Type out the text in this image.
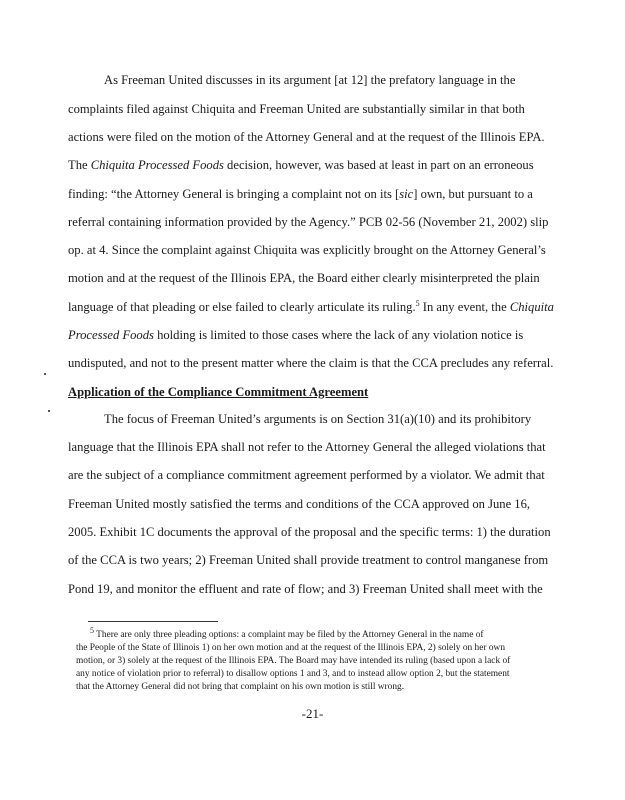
As Freeman United discusses in its argument [at 12] the prefatory language in the
complaints filed against Chiquita and Freeman United are substantially similar in that both
actions were filed on the motion of the Attorney General and at the request of the Illinois EPA.
The Chiquita Processed Foods decision, however, was based at least in part on an erroneous
finding: “the Attorney General is bringing a complaint not on its [sic] own, but pursuant to a
referral containing information provided by the Agency.” PCB 02-56 (November 21, 2002) slip
op. at 4. Since the complaint against Chiquita was explicitly brought on the Attorney General’s
motion and at the request of the Illinois EPA, the Board either clearly misinterpreted the plain
language of that pleading or else failed to clearly articulate its ruling.$^5$ In any event, the Chiquita
Processed Foods holding is limited to those cases where the lack of any violation notice is
undisputed, and not to the present matter where the claim is that the CCA precludes any referral.
Application of the Compliance Commitment Agreement
The focus of Freeman United’s arguments is on Section 31(a)(10) and its prohibitory
language that the Illinois EPA shall not refer to the Attorney General the alleged violations that
are the subject of a compliance commitment agreement performed by a violator. We admit that
Freeman United mostly satisfied the terms and conditions of the CCA approved on June 16,
2005. Exhibit 1C documents the approval of the proposal and the specific terms: 1) the duration
of the CCA is two years; 2) Freeman United shall provide treatment to control manganese from
Pond 19, and monitor the effluent and rate of flow; and 3) Freeman United shall meet with the
$^5$ There are only three pleading options: a complaint may be filed by the Attorney General in the name of
the People of the State of Illinois 1) on her own motion and at the request of the Illinois EPA, 2) solely on her own
motion, or 3) solely at the request of the Illinois EPA. The Board may have intended its ruling (based upon a lack of
any notice of violation prior to referral) to disallow options 1 and 3, and to instead allow option 2, but the statement
that the Attorney General did not bring that complaint on his own motion is still wrong.
-21-
